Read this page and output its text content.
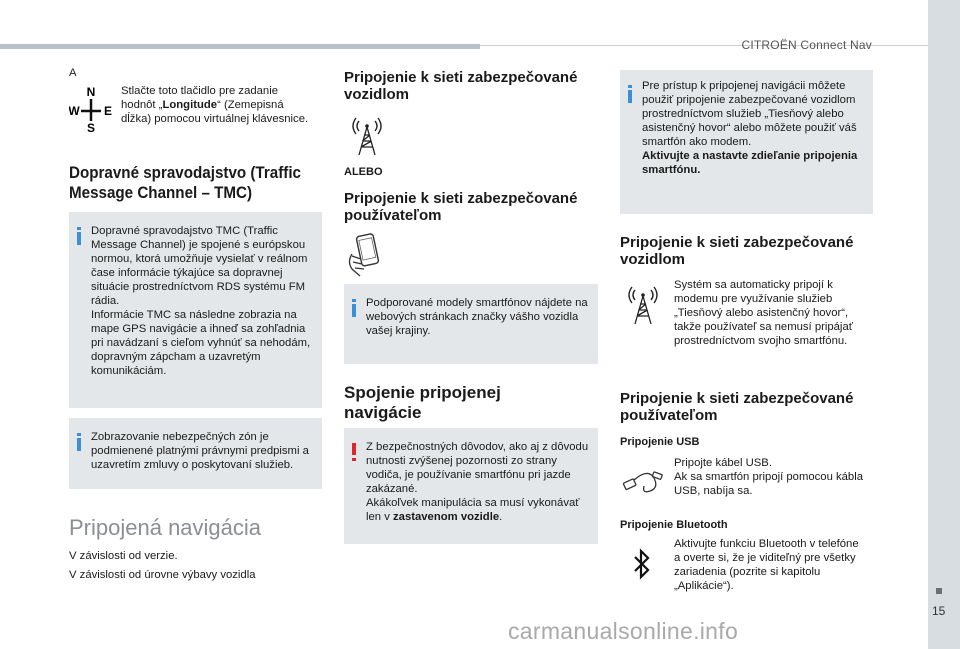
CITROËN Connect Nav
15
carmanualsonline.info
A
N
W E
S
Stlačte toto tlačidlo pre zadanie hodnôt „Longitude“ (Zemepisná dĺžka) pomocou virtuálnej klávesnice.
Dopravné spravodajstvo (Traffic
Message Channel – TMC)
Dopravné spravodajstvo TMC (Traffic Message Channel) je spojené s európskou normou, ktorá umožňuje vysielať v reálnom čase informácie týkajúce sa dopravnej situácie prostredníctvom RDS systému FM rádia.
Informácie TMC sa následne zobrazia na mape GPS navigácie a ihneď sa zohľadnia pri navádzaní s cieľom vyhnúť sa nehodám, dopravným zápcham a uzavretým komunikáciám.
Zobrazovanie nebezpečných zón je podmienené platnými právnymi predpismi a uzavretím zmluvy o poskytovaní služieb.
Pripojená navigácia
V závislosti od verzie.
V závislosti od úrovne výbavy vozidla
Pripojenie k sieti zabezpečované
vozidlom
ALEBO
Pripojenie k sieti zabezpečované
používateľom
Podporované modely smartfónov nájdete na webových stránkach značky vášho vozidla vašej krajiny.
Spojenie pripojenej
navigácie
Z bezpečnostných dôvodov, ako aj z dôvodu nutnosti zvýšenej pozornosti zo strany vodiča, je používanie smartfónu pri jazde zakázané.
Akákoľvek manipulácia sa musí vykonávať len v zastavenom vozidle.
Pre prístup k pripojenej navigácii môžete použiť pripojenie zabezpečované vozidlom prostredníctvom služieb „Tiesňový alebo asistenčný hovor“ alebo môžete použiť váš smartfón ako modem.
Aktivujte a nastavte zdieľanie pripojenia smartfónu.
Pripojenie k sieti zabezpečované
vozidlom
Systém sa automaticky pripojí k modemu pre využívanie služieb „Tiesňový alebo asistenčný hovor“, takže používateľ sa nemusí pripájať prostredníctvom svojho smartfónu.
Pripojenie k sieti zabezpečované
používateľom
Pripojenie USB
Pripojte kábel USB.
Ak sa smartfón pripojí pomocou kábla USB, nabíja sa.
Pripojenie Bluetooth
Aktivujte funkciu Bluetooth v telefóne a overte si, že je viditeľný pre všetky zariadenia (pozrite si kapitolu „Aplikácie“).
